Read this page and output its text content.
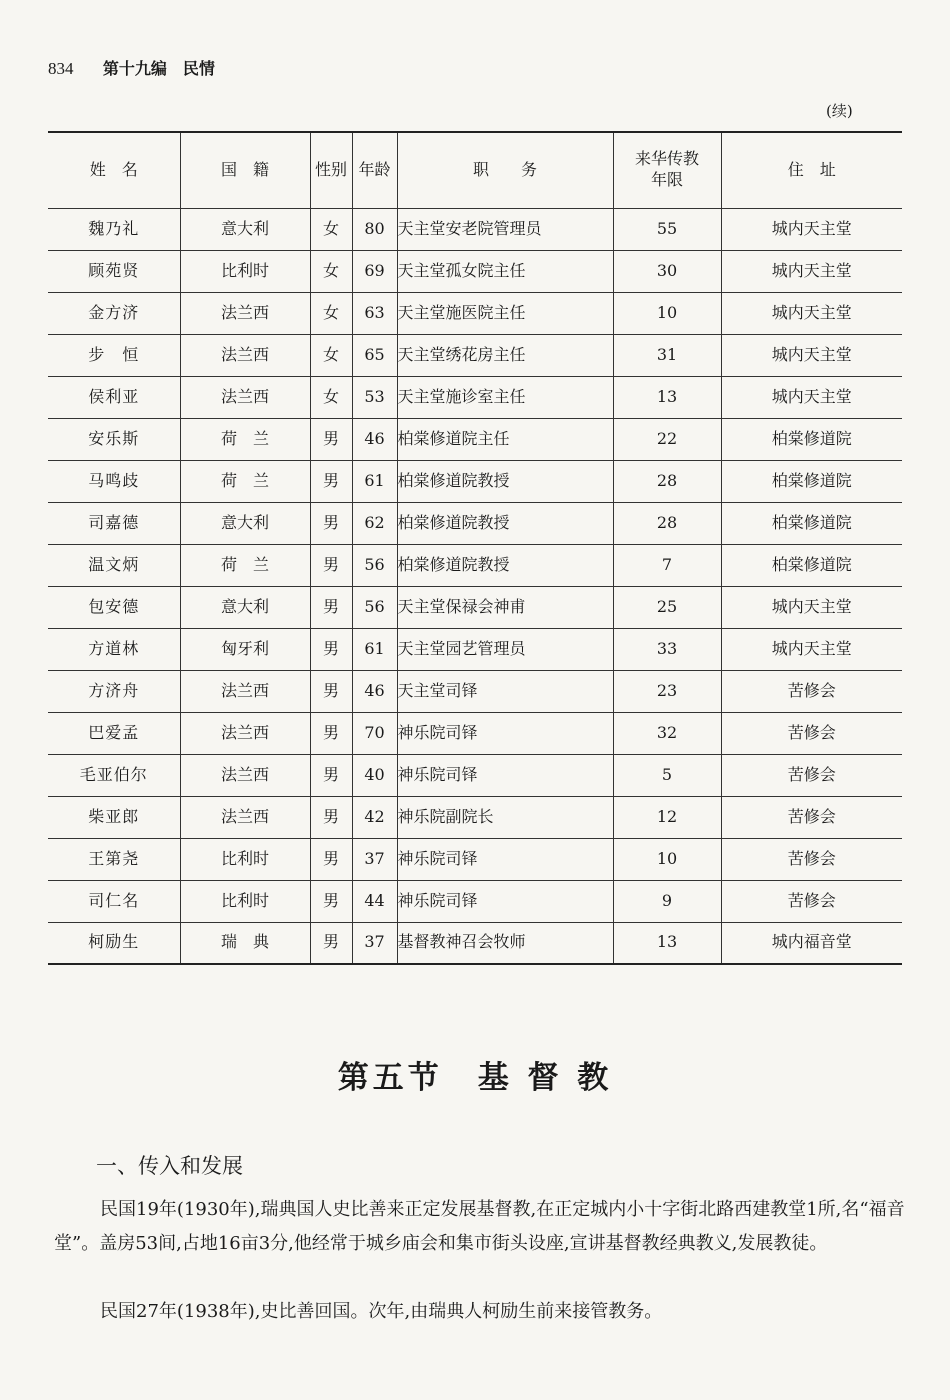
834 第十九编　民情
(续)
姓　名	国　籍	性别	年龄	职　　务	来华传教年限	住　址
魏乃礼	意大利	女	80	天主堂安老院管理员	55	城内天主堂
顾苑贤	比利时	女	69	天主堂孤女院主任	30	城内天主堂
金方济	法兰西	女	63	天主堂施医院主任	10	城内天主堂
步　恒	法兰西	女	65	天主堂绣花房主任	31	城内天主堂
侯利亚	法兰西	女	53	天主堂施诊室主任	13	城内天主堂
安乐斯	荷　兰	男	46	柏棠修道院主任	22	柏棠修道院
马鸣歧	荷　兰	男	61	柏棠修道院教授	28	柏棠修道院
司嘉德	意大利	男	62	柏棠修道院教授	28	柏棠修道院
温文炳	荷　兰	男	56	柏棠修道院教授	7	柏棠修道院
包安德	意大利	男	56	天主堂保禄会神甫	25	城内天主堂
方道林	匈牙利	男	61	天主堂园艺管理员	33	城内天主堂
方济舟	法兰西	男	46	天主堂司铎	23	苦修会
巴爱孟	法兰西	男	70	神乐院司铎	32	苦修会
毛亚伯尔	法兰西	男	40	神乐院司铎	5	苦修会
柴亚郎	法兰西	男	42	神乐院副院长	12	苦修会
王第尧	比利时	男	37	神乐院司铎	10	苦修会
司仁名	比利时	男	44	神乐院司铎	9	苦修会
柯励生	瑞　典	男	37	基督教神召会牧师	13	城内福音堂
第五节　基 督 教
一、传入和发展

民国19年(1930年),瑞典国人史比善来正定发展基督教,在正定城内小十字街北路西建教堂1所,名“福音堂”。盖房53间,占地16亩3分,他经常于城乡庙会和集市街头设座,宣讲基督教经典教义,发展教徒。

民国27年(1938年),史比善回国。次年,由瑞典人柯励生前来接管教务。
